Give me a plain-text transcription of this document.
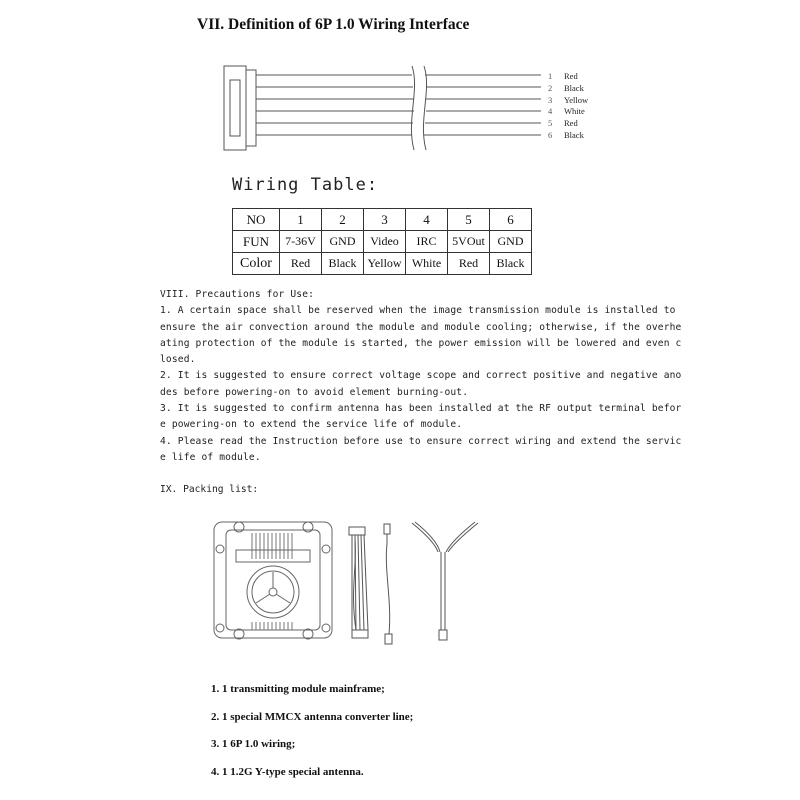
VII. Definition of 6P 1.0 Wiring Interface
1 Red
2 Black
3 Yellow
4 White
5 Red
6 Black
Wiring Table:
NO	1	2	3	4	5	6
FUN	7-36V	GND	Video	IRC	5VOut	GND
Color	Red	Black	Yellow	White	Red	Black
VIII. Precautions for Use:
1. A certain space shall be reserved when the image transmission module is installed to
ensure the air convection around the module and module cooling; otherwise, if the overhe
ating protection of the module is started, the power emission will be lowered and even c
losed.
2. It is suggested to ensure correct voltage scope and correct positive and negative ano
des before powering-on to avoid element burning-out.
3. It is suggested to confirm antenna has been installed at the RF output terminal befor
e powering-on to extend the service life of module.
4. Please read the Instruction before use to ensure correct wiring and extend the servic
e life of module.
IX. Packing list:
1. 1 transmitting module mainframe;
2. 1 special MMCX antenna converter line;
3. 1 6P 1.0 wiring;
4. 1 1.2G Y-type special antenna.
